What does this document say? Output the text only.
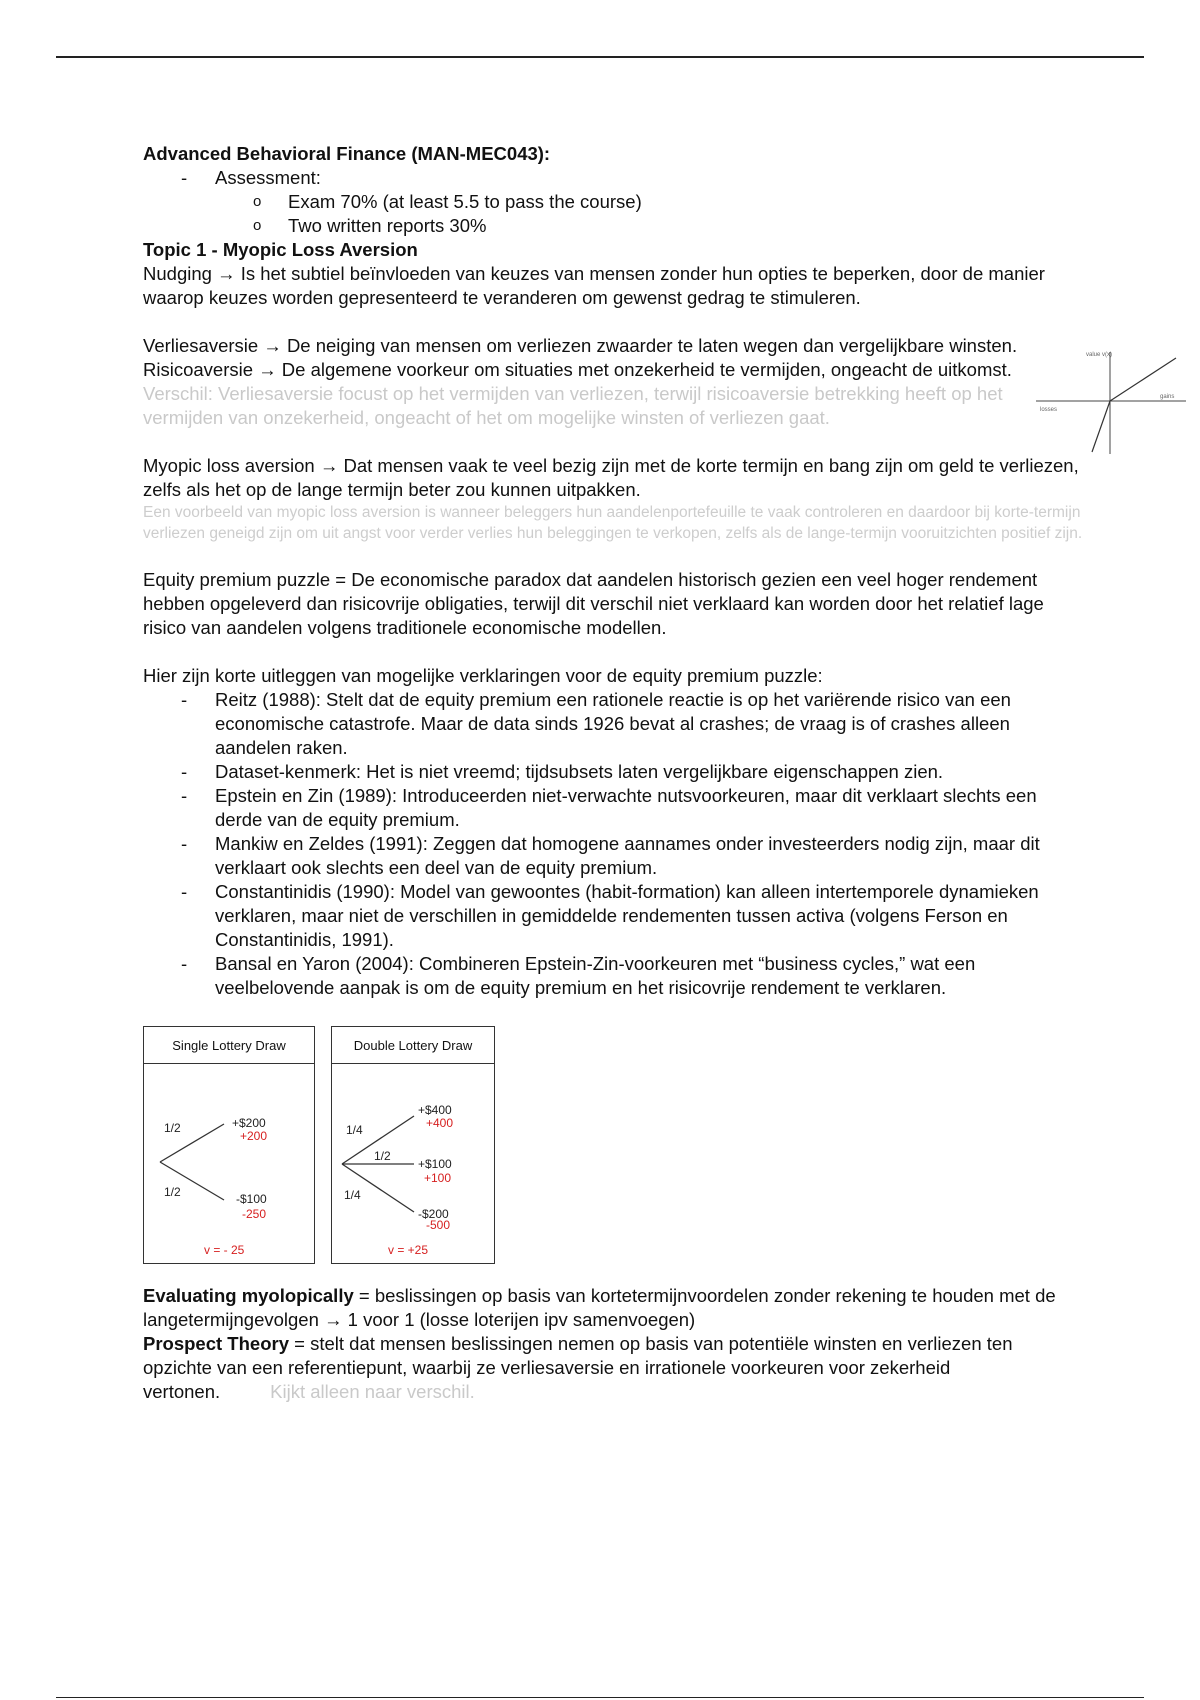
Advanced Behavioral Finance (MAN-MEC043):

- Assessment:
o Exam 70% (at least 5.5 to pass the course)
o Two written reports 30%

Topic 1 - Myopic Loss Aversion

Nudging → Is het subtiel beïnvloeden van keuzes van mensen zonder hun opties te beperken, door de manier waarop keuzes worden gepresenteerd te veranderen om gewenst gedrag te stimuleren.

Verliesaversie → De neiging van mensen om verliezen zwaarder te laten wegen dan vergelijkbare winsten.

Risicoaversie → De algemene voorkeur om situaties met onzekerheid te vermijden, ongeacht de uitkomst.

Verschil: Verliesaversie focust op het vermijden van verliezen, terwijl risicoaversie betrekking heeft op het vermijden van onzekerheid, ongeacht of het om mogelijke winsten of verliezen gaat.

Myopic loss aversion → Dat mensen vaak te veel bezig zijn met de korte termijn en bang zijn om geld te verliezen, zelfs als het op de lange termijn beter zou kunnen uitpakken.

Een voorbeeld van myopic loss aversion is wanneer beleggers hun aandelenportefeuille te vaak controleren en daardoor bij korte-termijn verliezen geneigd zijn om uit angst voor verder verlies hun beleggingen te verkopen, zelfs als de lange-termijn vooruitzichten positief zijn.

Equity premium puzzle = De economische paradox dat aandelen historisch gezien een veel hoger rendement hebben opgeleverd dan risicovrije obligaties, terwijl dit verschil niet verklaard kan worden door het relatief lage risico van aandelen volgens traditionele economische modellen.

Hier zijn korte uitleggen van mogelijke verklaringen voor de equity premium puzzle:

- Reitz (1988): Stelt dat de equity premium een rationele reactie is op het variërende risico van een economische catastrofe. Maar de data sinds 1926 bevat al crashes; de vraag is of crashes alleen aandelen raken.
- Dataset-kenmerk: Het is niet vreemd; tijdsubsets laten vergelijkbare eigenschappen zien.
- Epstein en Zin (1989): Introduceerden niet-verwachte nutsvoorkeuren, maar dit verklaart slechts een derde van de equity premium.
- Mankiw en Zeldes (1991): Zeggen dat homogene aannames onder investeerders nodig zijn, maar dit verklaart ook slechts een deel van de equity premium.
- Constantinidis (1990): Model van gewoontes (habit-formation) kan alleen intertemporele dynamieken verklaren, maar niet de verschillen in gemiddelde rendementen tussen activa (volgens Ferson en Constantinidis, 1991).
- Bansal en Yaron (2004): Combineren Epstein-Zin-voorkeuren met “business cycles,” wat een veelbelovende aanpak is om de equity premium en het risicovrije rendement te verklaren.
Single Lottery Draw
1/2
1/2
+$200
+200
-$100
-250
v = - 25
Double Lottery Draw
1/4
1/2
1/4
+$400
+400
+$100
+100
-$200
-500
v = +25

Evaluating myolopically = beslissingen op basis van kortetermijnvoordelen zonder rekening te houden met de langetermijngevolgen → 1 voor 1 (losse loterijen ipv samenvoegen)

Prospect Theory = stelt dat mensen beslissingen nemen op basis van potentiële winsten en verliezen ten opzichte van een referentiepunt, waarbij ze verliesaversie en irrationele voorkeuren voor zekerheid vertonen.	Kijkt alleen naar verschil.

value v(x)
gains
losses
